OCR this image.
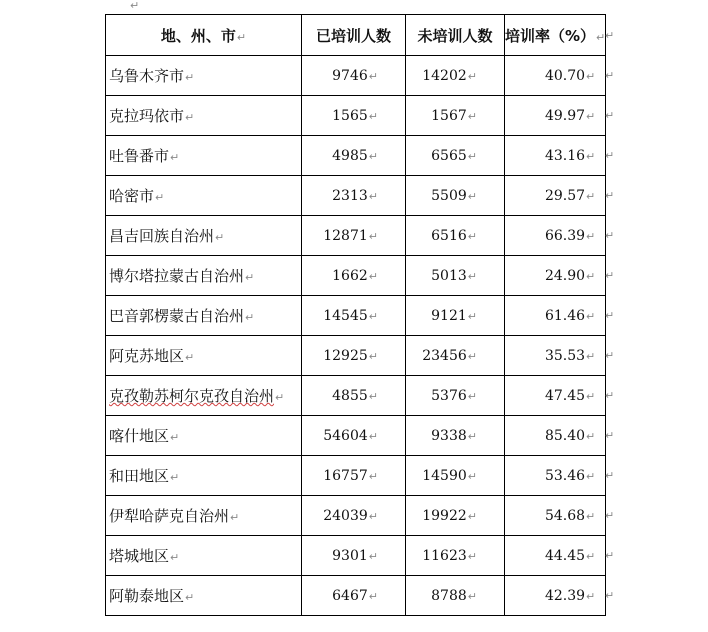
↵
地、州、市↵	已培训人数	未培训人数	培训率（%）↵
乌鲁木齐市↵	9746↵	14202↵	40.70↵
克拉玛依市↵	1565↵	1567↵	49.97↵
吐鲁番市↵	4985↵	6565↵	43.16↵
哈密市↵	2313↵	5509↵	29.57↵
昌吉回族自治州↵	12871↵	6516↵	66.39↵
博尔塔拉蒙古自治州↵	1662↵	5013↵	24.90↵
巴音郭楞蒙古自治州↵	14545↵	9121↵	61.46↵
阿克苏地区↵	12925↵	23456↵	35.53↵
克孜勒苏柯尔克孜自治州↵	4855↵	5376↵	47.45↵
喀什地区↵	54604↵	9338↵	85.40↵
和田地区↵	16757↵	14590↵	53.46↵
伊犁哈萨克自治州↵	24039↵	19922↵	54.68↵
塔城地区↵	9301↵	11623↵	44.45↵
阿勒泰地区↵	6467↵	8788↵	42.39↵
↵
↵
↵
↵
↵
↵
↵
↵
↵
↵
↵
↵
↵
↵
↵
